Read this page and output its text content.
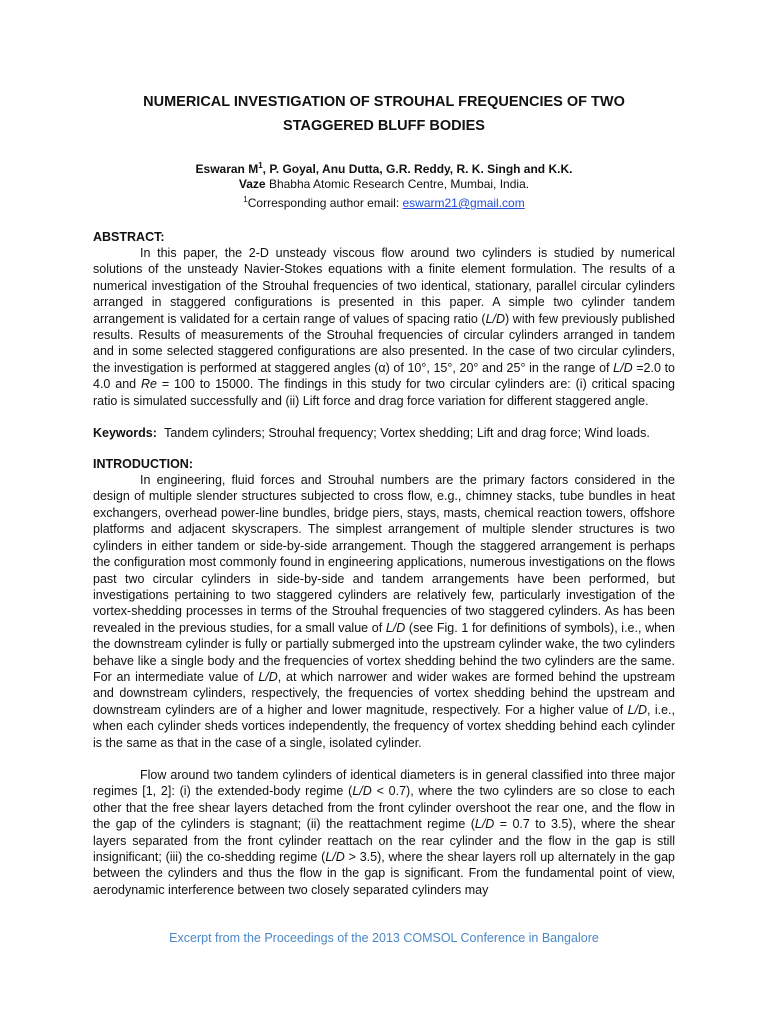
NUMERICAL INVESTIGATION OF STROUHAL FREQUENCIES OF TWO
STAGGERED BLUFF BODIES

Eswaran $M^1$, P. Goyal, Anu Dutta, G.R. Reddy, R. K. Singh and K.K.
Vaze Bhabha Atomic Research Centre, Mumbai, India.

$^1$Corresponding author email: eswarm21@gmail.com

ABSTRACT:

In this paper, the 2-D unsteady viscous flow around two cylinders is studied by numerical solutions of the unsteady Navier-Stokes equations with a finite element formulation. The results of a numerical investigation of the Strouhal frequencies of two identical, stationary, parallel circular cylinders arranged in staggered configurations is presented in this paper. A simple two cylinder tandem arrangement is validated for a certain range of values of spacing ratio (L/D) with few previously published results. Results of measurements of the Strouhal frequencies of circular cylinders arranged in tandem and in some selected staggered configurations are also presented. In the case of two circular cylinders, the investigation is performed at staggered angles (α) of 10°, 15°, 20° and 25° in the range of L/D =2.0 to 4.0 and Re = 100 to 15000. The findings in this study for two circular cylinders are: (i) critical spacing ratio is simulated successfully and (ii) Lift force and drag force variation for different staggered angle.

Keywords: Tandem cylinders; Strouhal frequency; Vortex shedding; Lift and drag force; Wind loads.

INTRODUCTION:

In engineering, fluid forces and Strouhal numbers are the primary factors considered in the design of multiple slender structures subjected to cross flow, e.g., chimney stacks, tube bundles in heat exchangers, overhead power-line bundles, bridge piers, stays, masts, chemical reaction towers, offshore platforms and adjacent skyscrapers. The simplest arrangement of multiple slender structures is two cylinders in either tandem or side-by-side arrangement. Though the staggered arrangement is perhaps the configuration most commonly found in engineering applications, numerous investigations on the flows past two circular cylinders in side-by-side and tandem arrangements have been performed, but investigations pertaining to two staggered cylinders are relatively few, particularly investigation of the vortex-shedding processes in terms of the Strouhal frequencies of two staggered cylinders. As has been revealed in the previous studies, for a small value of L/D (see Fig. 1 for definitions of symbols), i.e., when the downstream cylinder is fully or partially submerged into the upstream cylinder wake, the two cylinders behave like a single body and the frequencies of vortex shedding behind the two cylinders are the same. For an intermediate value of L/D, at which narrower and wider wakes are formed behind the upstream and downstream cylinders, respectively, the frequencies of vortex shedding behind the upstream and downstream cylinders are of a higher and lower magnitude, respectively. For a higher value of L/D, i.e., when each cylinder sheds vortices independently, the frequency of vortex shedding behind each cylinder is the same as that in the case of a single, isolated cylinder.

Flow around two tandem cylinders of identical diameters is in general classified into three major regimes [1, 2]: (i) the extended-body regime (L/D < 0.7), where the two cylinders are so close to each other that the free shear layers detached from the front cylinder overshoot the rear one, and the flow in the gap of the cylinders is stagnant; (ii) the reattachment regime (L/D = 0.7 to 3.5), where the shear layers separated from the front cylinder reattach on the rear cylinder and the flow in the gap is still insignificant; (iii) the co-shedding regime (L/D > 3.5), where the shear layers roll up alternately in the gap between the cylinders and thus the flow in the gap is significant. From the fundamental point of view, aerodynamic interference between two closely separated cylinders may

Excerpt from the Proceedings of the 2013 COMSOL Conference in Bangalore
